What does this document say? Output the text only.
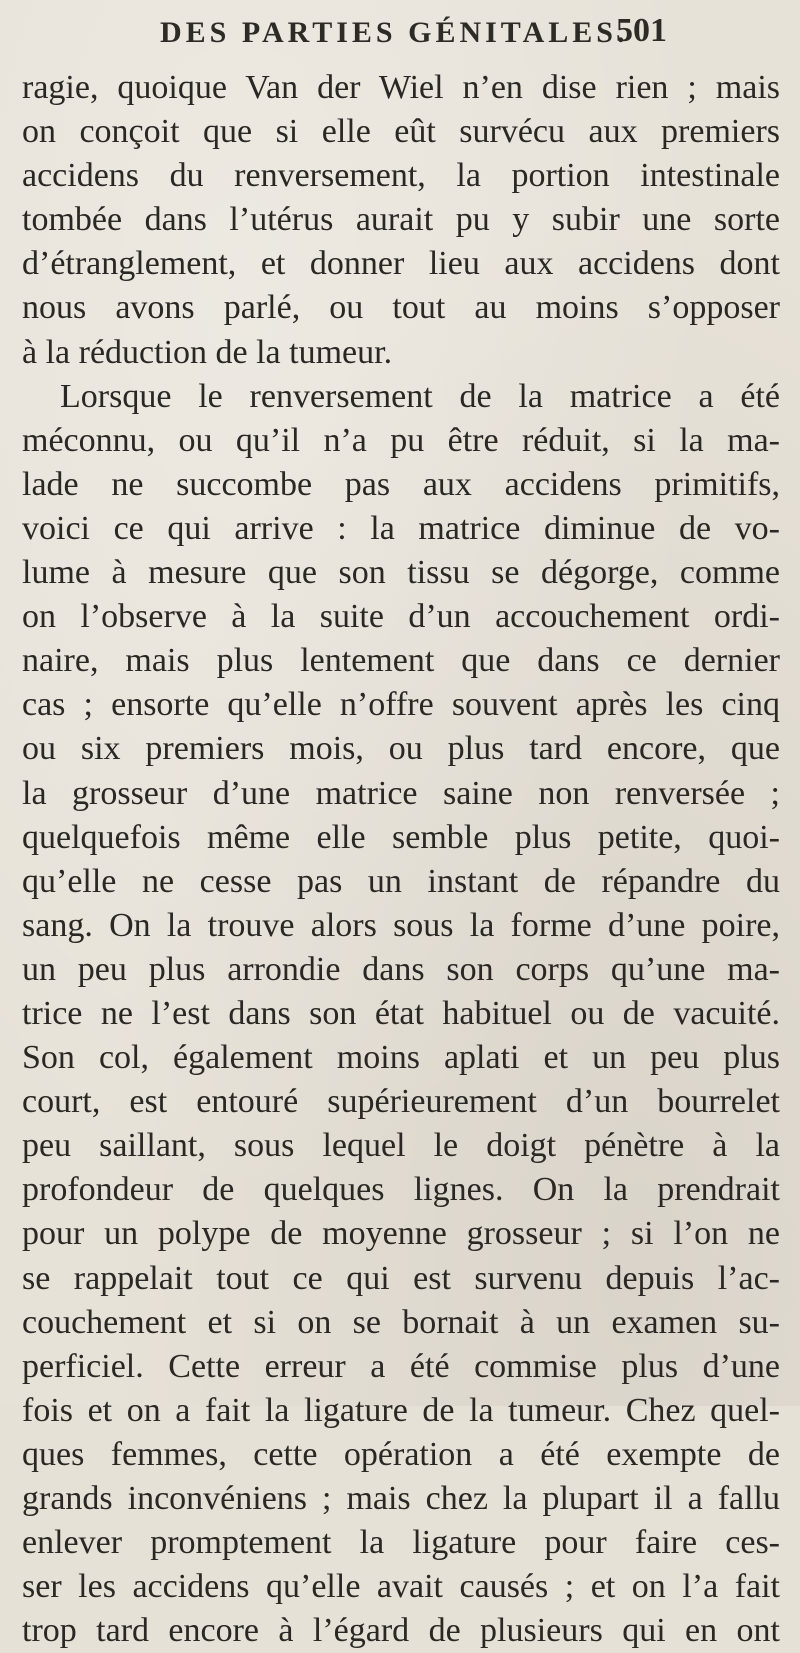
DES PARTIES GÉNITALES.
501
ragie, quoique Van der Wiel n’en dise rien ; mais
on conçoit que si elle eût survécu aux premiers
accidens du renversement, la portion intestinale
tombée dans l’utérus aurait pu y subir une sorte
d’étranglement, et donner lieu aux accidens dont
nous avons parlé, ou tout au moins s’opposer
à la réduction de la tumeur.
Lorsque le renversement de la matrice a été
méconnu, ou qu’il n’a pu être réduit, si la ma-
lade ne succombe pas aux accidens primitifs,
voici ce qui arrive : la matrice diminue de vo-
lume à mesure que son tissu se dégorge, comme
on l’observe à la suite d’un accouchement ordi-
naire, mais plus lentement que dans ce dernier
cas ; ensorte qu’elle n’offre souvent après les cinq
ou six premiers mois, ou plus tard encore, que
la grosseur d’une matrice saine non renversée ;
quelquefois même elle semble plus petite, quoi-
qu’elle ne cesse pas un instant de répandre du
sang. On la trouve alors sous la forme d’une poire,
un peu plus arrondie dans son corps qu’une ma-
trice ne l’est dans son état habituel ou de vacuité.
Son col, également moins aplati et un peu plus
court, est entouré supérieurement d’un bourrelet
peu saillant, sous lequel le doigt pénètre à la
profondeur de quelques lignes. On la prendrait
pour un polype de moyenne grosseur ; si l’on ne
se rappelait tout ce qui est survenu depuis l’ac-
couchement et si on se bornait à un examen su-
perficiel. Cette erreur a été commise plus d’une
fois et on a fait la ligature de la tumeur. Chez quel-
ques femmes, cette opération a été exempte de
grands inconvéniens ; mais chez la plupart il a fallu
enlever promptement la ligature pour faire ces-
ser les accidens qu’elle avait causés ; et on l’a fait
trop tard encore à l’égard de plusieurs qui en ont
